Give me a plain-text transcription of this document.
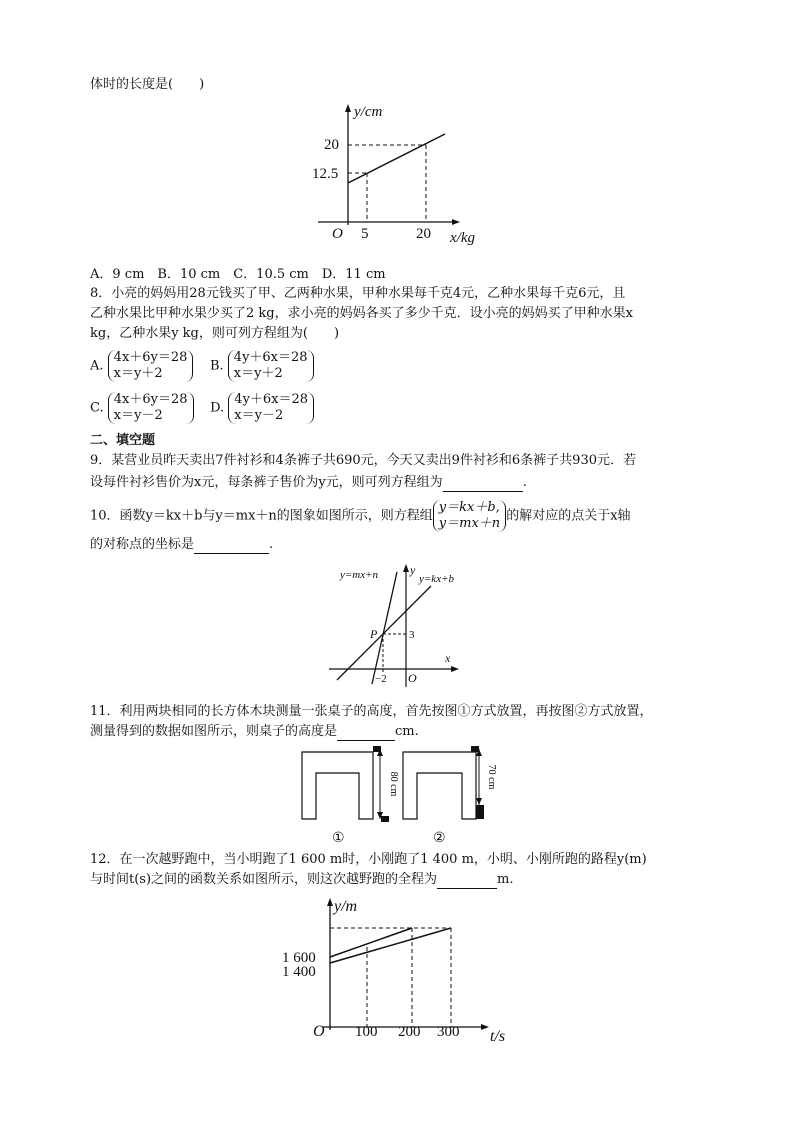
体时的长度是(　　)
y/cm
20
12.5
O 5	20 x/kg
A．9 cm　B．10 cm　C．10.5 cm　D．11 cm
8．小亮的妈妈用28元钱买了甲、乙两种水果，甲种水果每千克4元，乙种水果每千克6元，且
乙种水果比甲种水果少买了2 kg，求小亮的妈妈各买了多少千克．设小亮的妈妈买了甲种水果x
kg，乙种水果y kg，则可列方程组为(　　)
A.
4x＋6y＝28
x＝y＋2	B.
4y＋6x＝28
x＝y＋2
C.
4x＋6y＝28
x＝y－2	D.
4y＋6x＝28
x＝y－2
二、填空题
9．某营业员昨天卖出7件衬衫和4条裤子共690元，今天又卖出9件衬衫和6条裤子共930元．若
设每件衬衫售价为x元，每条裤子售价为y元，则可列方程组为	.
10．函数y＝kx＋b与y＝mx＋n的图象如图所示，则方程组
y＝kx＋b,
y＝mx＋n 的解对应的点关于x轴
的对称点的坐标是	.
y=mx+n	y=kx+b
y
x
P	3
−2 O
11．利用两块相同的长方体木块测量一张桌子的高度，首先按图①方式放置，再按图②方式放置，
测量得到的数据如图所示，则桌子的高度是	cm.
80 cm	70 cm
①	②
12．在一次越野跑中，当小明跑了1 600 m时，小刚跑了1 400 m，小明、小刚所跑的路程y(m)
与时间t(s)之间的函数关系如图所示，则这次越野跑的全程为	m.
y/m
1 600
1 400
O 100 200 300 t/s
